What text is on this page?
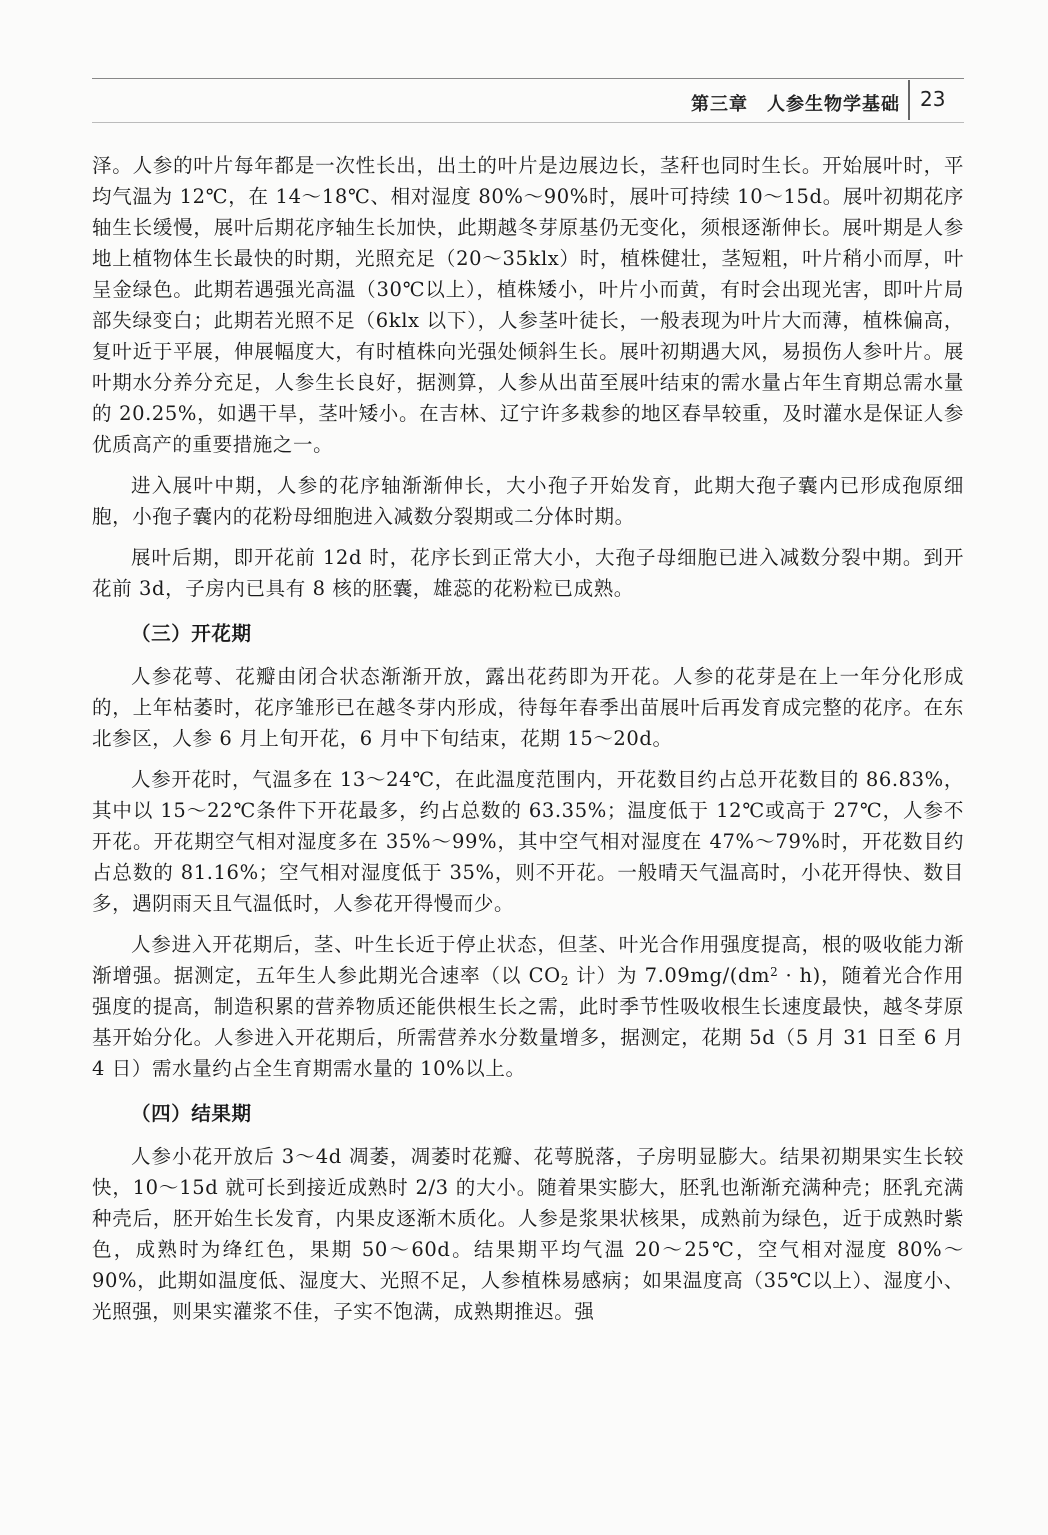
第三章　人参生物学基础 23

泽。人参的叶片每年都是一次性长出，出土的叶片是边展边长，茎秆也同时生长。开始展叶时，平均气温为 12℃，在 14～18℃、相对湿度 80%～90%时，展叶可持续 10～15d。展叶初期花序轴生长缓慢，展叶后期花序轴生长加快，此期越冬芽原基仍无变化，须根逐渐伸长。展叶期是人参地上植物体生长最快的时期，光照充足（20～35klx）时，植株健壮，茎短粗，叶片稍小而厚，叶呈金绿色。此期若遇强光高温（30℃以上），植株矮小，叶片小而黄，有时会出现光害，即叶片局部失绿变白；此期若光照不足（6klx 以下），人参茎叶徒长，一般表现为叶片大而薄，植株偏高，复叶近于平展，伸展幅度大，有时植株向光强处倾斜生长。展叶初期遇大风，易损伤人参叶片。展叶期水分养分充足，人参生长良好，据测算，人参从出苗至展叶结束的需水量占年生育期总需水量的 20.25%，如遇干旱，茎叶矮小。在吉林、辽宁许多栽参的地区春旱较重，及时灌水是保证人参优质高产的重要措施之一。

进入展叶中期，人参的花序轴渐渐伸长，大小孢子开始发育，此期大孢子囊内已形成孢原细胞，小孢子囊内的花粉母细胞进入减数分裂期或二分体时期。

展叶后期，即开花前 12d 时，花序长到正常大小，大孢子母细胞已进入减数分裂中期。到开花前 3d，子房内已具有 8 核的胚囊，雄蕊的花粉粒已成熟。

（三）开花期

人参花萼、花瓣由闭合状态渐渐开放，露出花药即为开花。人参的花芽是在上一年分化形成的，上年枯萎时，花序雏形已在越冬芽内形成，待每年春季出苗展叶后再发育成完整的花序。在东北参区，人参 6 月上旬开花，6 月中下旬结束，花期 15～20d。

人参开花时，气温多在 13～24℃，在此温度范围内，开花数目约占总开花数目的 86.83%，其中以 15～22℃条件下开花最多，约占总数的 63.35%；温度低于 12℃或高于 27℃，人参不开花。开花期空气相对湿度多在 35%～99%，其中空气相对湿度在 47%～79%时，开花数目约占总数的 81.16%；空气相对湿度低于 35%，则不开花。一般晴天气温高时，小花开得快、数目多，遇阴雨天且气温低时，人参花开得慢而少。

人参进入开花期后，茎、叶生长近于停止状态，但茎、叶光合作用强度提高，根的吸收能力渐渐增强。据测定，五年生人参此期光合速率（以 $CO_2$ 计）为 $7.09mg/(dm^2 \cdot h)$，随着光合作用强度的提高，制造积累的营养物质还能供根生长之需，此时季节性吸收根生长速度最快，越冬芽原基开始分化。人参进入开花期后，所需营养水分数量增多，据测定，花期 5d（5 月 31 日至 6 月 4 日）需水量约占全生育期需水量的 10%以上。

（四）结果期

人参小花开放后 3～4d 凋萎，凋萎时花瓣、花萼脱落，子房明显膨大。结果初期果实生长较快，10～15d 就可长到接近成熟时 2/3 的大小。随着果实膨大，胚乳也渐渐充满种壳；胚乳充满种壳后，胚开始生长发育，内果皮逐渐木质化。人参是浆果状核果，成熟前为绿色，近于成熟时紫色，成熟时为绛红色，果期 50～60d。结果期平均气温 20～25℃，空气相对湿度 80%～90%，此期如温度低、湿度大、光照不足，人参植株易感病；如果温度高（35℃以上）、湿度小、光照强，则果实灌浆不佳，子实不饱满，成熟期推迟。强
